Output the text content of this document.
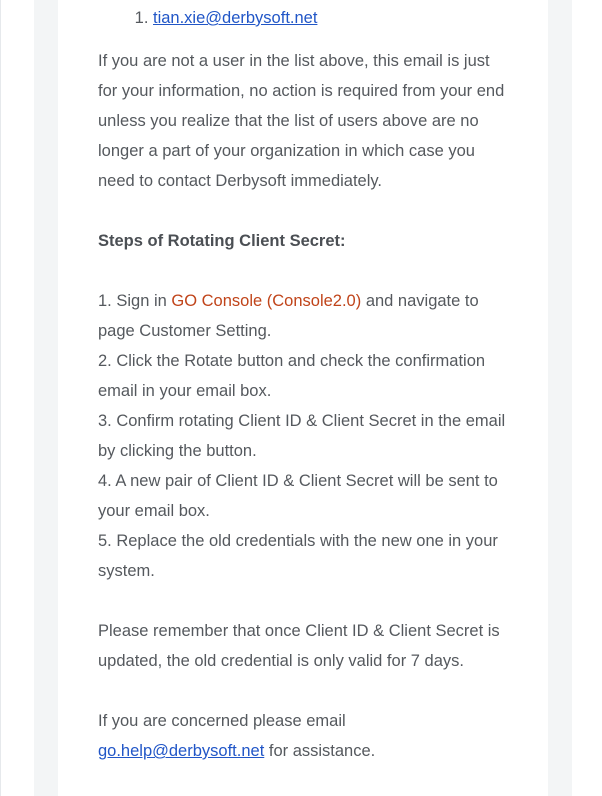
1. tian.xie@derbysoft.net

If you are not a user in the list above, this email is just for your information, no action is required from your end unless you realize that the list of users above are no longer a part of your organization in which case you need to contact Derbysoft immediately.

Steps of Rotating Client Secret:

1. Sign in GO Console (Console2.0) and navigate to page Customer Setting.

2. Click the Rotate button and check the confirmation email in your email box.

3. Confirm rotating Client ID & Client Secret in the email by clicking the button.

4. A new pair of Client ID & Client Secret will be sent to your email box.

5. Replace the old credentials with the new one in your system.

Please remember that once Client ID & Client Secret is updated, the old credential is only valid for 7 days.

If you are concerned please email go.help@derbysoft.net for assistance.
